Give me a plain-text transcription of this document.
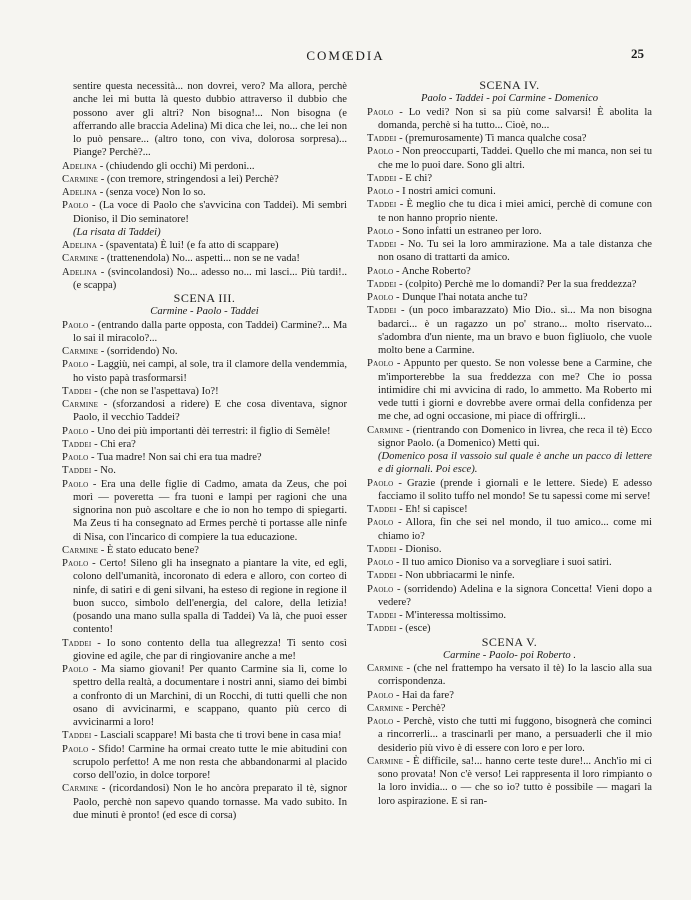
COMŒDIA	25

sentire questa necessità... non dovrei, vero? Ma allora, perchè anche lei mi butta là questo dubbio attraverso il dubbio che possono aver gli altri? Non bisogna!... Non bisogna (e afferrando alle braccia Adelina) Mi dica che lei, no... che lei non lo può pensare... (altro tono, con viva, dolorosa sorpresa)... Piange? Perchè?...

Adelina - (chiudendo gli occhi) Mi perdoni...

Carmine - (con tremore, stringendosi a lei) Perchè?

Adelina - (senza voce) Non lo so.

Paolo - (La voce di Paolo che s'avvicina con Taddei). Mi sembri Dioniso, il Dio seminatore!

(La risata di Taddei)

Adelina - (spaventata) È lui! (e fa atto di scappare)

Carmine - (trattenendola) No... aspetti... non se ne vada!

Adelina - (svincolandosi) No... adesso no... mi lasci... Più tardi!.. (e scappa)

SCENA III.

Carmine - Paolo - Taddei

Paolo - (entrando dalla parte opposta, con Taddei) Carmine?... Ma lo sai il miracolo?...

Carmine - (sorridendo) No.

Paolo - Laggiù, nei campi, al sole, tra il clamore della vendemmia, ho visto papà trasformarsi!

Taddei - (che non se l'aspettava) Io?!

Carmine - (sforzandosi a ridere) E che cosa diventava, signor Paolo, il vecchio Taddei?

Paolo - Uno dei più importanti dèi terrestri: il figlio di Semèle!

Taddei - Chi era?

Paolo - Tua madre! Non sai chi era tua madre?

Taddei - No.

Paolo - Era una delle figlie di Cadmo, amata da Zeus, che poi morì — poveretta — fra tuoni e lampi per ragioni che una signorina non può ascoltare e che io non ho tempo di spiegarti. Ma Zeus ti ha consegnato ad Ermes perchè ti portasse alle ninfe di Nisa, con l'incarico di compiere la tua educazione.

Carmine - È stato educato bene?

Paolo - Certo! Sileno gli ha insegnato a piantare la vite, ed egli, colono dell'umanità, incoronato di edera e alloro, con corteo di ninfe, di satiri e di geni silvani, ha esteso di regione in regione il buon succo, simbolo dell'energia, del calore, della letizia! (posando una mano sulla spalla di Taddei) Va là, che puoi esser contento!

Taddei - Io sono contento della tua allegrezza! Ti sento così giovine ed agile, che par di ringiovanire anche a me!

Paolo - Ma siamo giovani! Per quanto Carmine sia lì, come lo spettro della realtà, a documentare i nostri anni, siamo dei bimbi a confronto di un Marchini, di un Rocchi, di tutti quelli che non osano di avvicinarmi, e scappano, quanto più cerco di avvicinarmi a loro!

Taddei - Lasciali scappare! Mi basta che ti trovi bene in casa mia!

Paolo - Sfido! Carmine ha ormai creato tutte le mie abitudini con scrupolo perfetto! A me non resta che abbandonarmi al placido corso dell'ozio, in dolce torpore!

Carmine - (ricordandosi) Non le ho ancòra preparato il tè, signor Paolo, perchè non sapevo quando tornasse. Ma vado subito. In due minuti è pronto! (ed esce di corsa)

SCENA IV.

Paolo - Taddei - poi Carmine - Domenico

Paolo - Lo vedi? Non si sa più come salvarsi! È abolita la domanda, perchè si ha tutto... Cioè, no...

Taddei - (premurosamente) Ti manca qualche cosa?

Paolo - Non preoccuparti, Taddei. Quello che mi manca, non sei tu che me lo puoi dare. Sono gli altri.

Taddei - E chi?

Paolo - I nostri amici comuni.

Taddei - È meglio che tu dica i miei amici, perchè di comune con te non hanno proprio niente.

Paolo - Sono infatti un estraneo per loro.

Taddei - No. Tu sei la loro ammirazione. Ma a tale distanza che non osano di trattarti da amico.

Paolo - Anche Roberto?

Taddei - (colpito) Perchè me lo domandi? Per la sua freddezza?

Paolo - Dunque l'hai notata anche tu?

Taddei - (un poco imbarazzato) Mio Dio.. sì... Ma non bisogna badarci... è un ragazzo un po' strano... molto riservato... s'adombra d'un niente, ma un bravo e buon figliuolo, che vuole molto bene a Carmine.

Paolo - Appunto per questo. Se non volesse bene a Carmine, che m'importerebbe la sua freddezza con me? Che io possa intimidire chi mi avvicina di rado, lo ammetto. Ma Roberto mi vede tutti i giorni e dovrebbe avere ormai della confidenza per me che, ad ogni occasione, mi piace di offrirgli...

Carmine - (rientrando con Domenico in livrea, che reca il tè) Ecco signor Paolo. (a Domenico) Metti qui.

(Domenico posa il vassoio sul quale è anche un pacco di lettere e di giornali. Poi esce).

Paolo - Grazie (prende i giornali e le lettere. Siede) E adesso facciamo il solito tuffo nel mondo! Se tu sapessi come mi serve!

Taddei - Eh! si capisce!

Paolo - Allora, fin che sei nel mondo, il tuo amico... come mi chiamo io?

Taddei - Dioniso.

Paolo - Il tuo amico Dioniso va a sorvegliare i suoi satiri.

Taddei - Non ubbriacarmi le ninfe.

Paolo - (sorridendo) Adelina e la signora Concetta! Vieni dopo a vedere?

Taddei - M'interessa moltissimo.

Taddei - (esce)

SCENA V.

Carmine - Paolo- poi Roberto .

Carmine - (che nel frattempo ha versato il tè) Io la lascio alla sua corrispondenza.

Paolo - Hai da fare?

Carmine - Perchè?

Paolo - Perchè, visto che tutti mi fuggono, bisognerà che cominci a rincorrerli... a trascinarli per mano, a persuaderli che il mio desiderio più vivo è di essere con loro e per loro.

Carmine - È difficile, sa!... hanno certe teste dure!... Anch'io mi ci sono provata! Non c'è verso! Lei rappresenta il loro rimpianto o la loro invidia... o — che so io? tutto è possibile — magari la loro aspirazione. E si ran-
